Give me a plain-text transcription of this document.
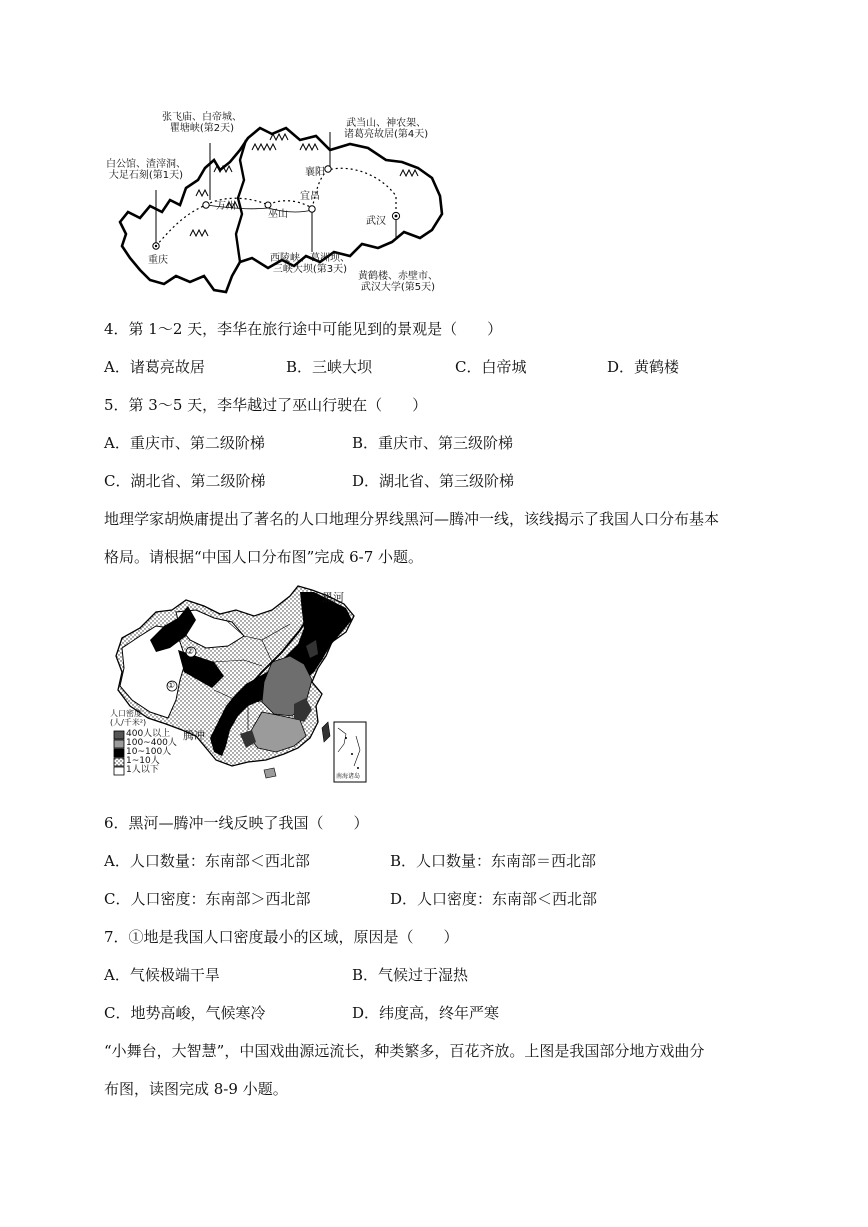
重庆
万州
巫山
宜昌
襄阳
武汉
白公馆、渣滓洞、
大足石刻(第1天)
张飞庙、白帝城、
瞿塘峡(第2天)
西陵峡、葛洲坝、
三峡大坝(第3天)
武当山、神农架、
诸葛亮故居(第4天)
黄鹤楼、赤壁市、
武汉大学(第5天)
4．第 1～2 天，李华在旅行途中可能见到的景观是（　　）
A．诸葛亮故居	B．三峡大坝	C．白帝城	D．黄鹤楼
5．第 3～5 天，李华越过了巫山行驶在（　　）
A．重庆市、第二级阶梯	B．重庆市、第三级阶梯
C．湖北省、第二级阶梯	D．湖北省、第三级阶梯
地理学家胡焕庸提出了著名的人口地理分界线黑河—腾冲一线，该线揭示了我国人口分布基本
格局。请根据“中国人口分布图”完成 6-7 小题。
黑河
腾冲
①
②
人口密度
(人/千米²)
400人以上
100~400人
10~100人
1~10人
1人以下
南海诸岛
6．黑河—腾冲一线反映了我国（　　）
A．人口数量：东南部＜西北部	B．人口数量：东南部＝西北部
C．人口密度：东南部＞西北部	D．人口密度：东南部＜西北部
7．①地是我国人口密度最小的区域，原因是（　　）
A．气候极端干旱	B．气候过于湿热
C．地势高峻，气候寒冷	D．纬度高，终年严寒
“小舞台，大智慧”，中国戏曲源远流长，种类繁多，百花齐放。上图是我国部分地方戏曲分
布图，读图完成 8-9 小题。
